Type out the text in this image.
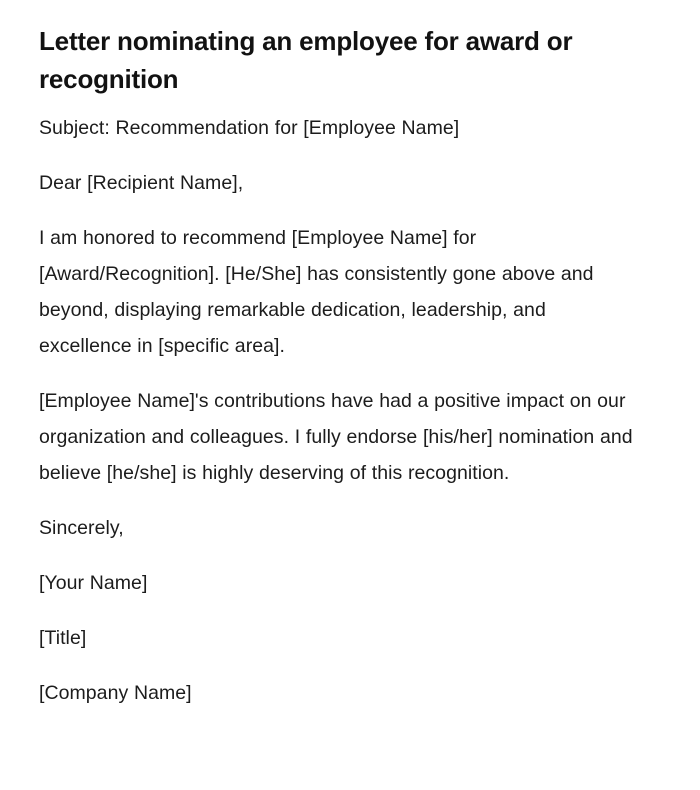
Letter nominating an employee for award or recognition

Subject: Recommendation for [Employee Name]

Dear [Recipient Name],

I am honored to recommend [Employee Name] for [Award/Recognition]. [He/She] has consistently gone above and beyond, displaying remarkable dedication, leadership, and excellence in [specific area].

[Employee Name]'s contributions have had a positive impact on our organization and colleagues. I fully endorse [his/her] nomination and believe [he/she] is highly deserving of this recognition.

Sincerely,

[Your Name]

[Title]

[Company Name]
